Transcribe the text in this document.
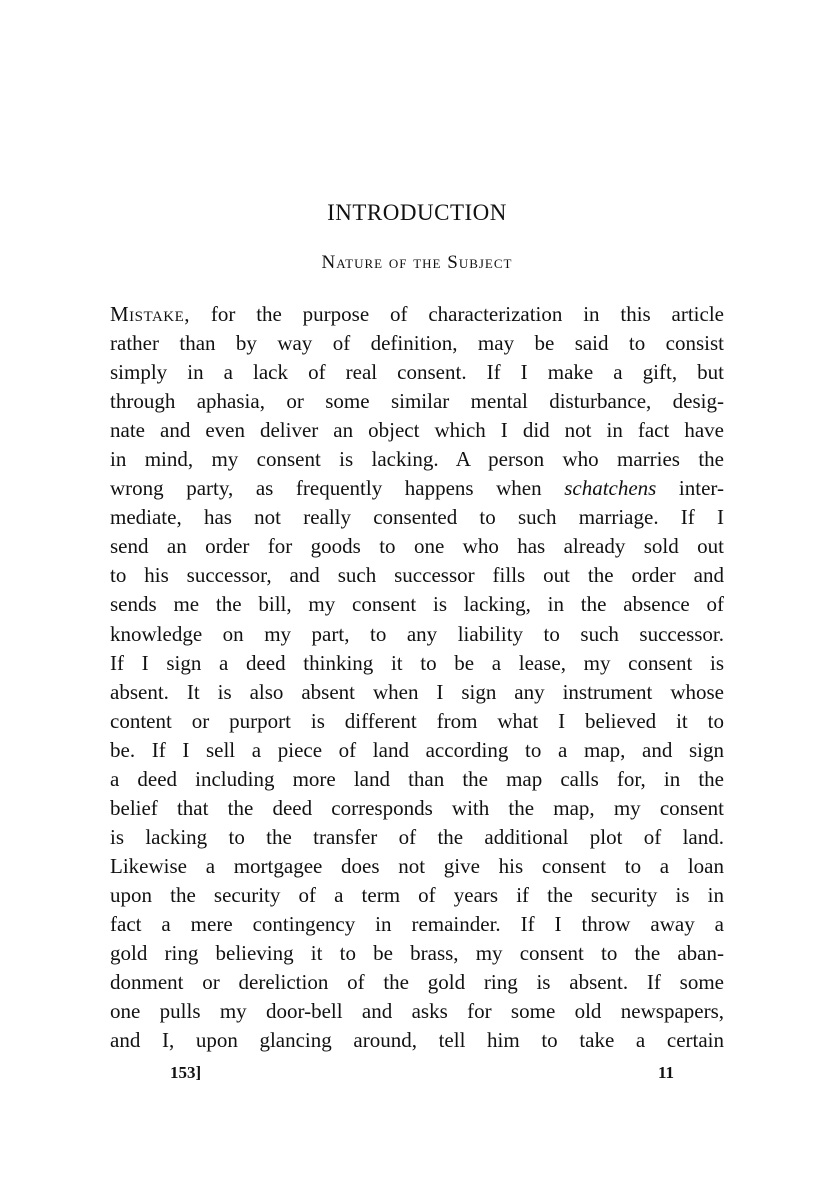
INTRODUCTION
Nature of the Subject
Mistake, for the purpose of characterization in this article
rather than by way of definition, may be said to consist
simply in a lack of real consent. If I make a gift, but
through aphasia, or some similar mental disturbance, desig-
nate and even deliver an object which I did not in fact have
in mind, my consent is lacking. A person who marries the
wrong party, as frequently happens when schatchens inter-
mediate, has not really consented to such marriage. If I
send an order for goods to one who has already sold out
to his successor, and such successor fills out the order and
sends me the bill, my consent is lacking, in the absence of
knowledge on my part, to any liability to such successor.
If I sign a deed thinking it to be a lease, my consent is
absent. It is also absent when I sign any instrument whose
content or purport is different from what I believed it to
be. If I sell a piece of land according to a map, and sign
a deed including more land than the map calls for, in the
belief that the deed corresponds with the map, my consent
is lacking to the transfer of the additional plot of land.
Likewise a mortgagee does not give his consent to a loan
upon the security of a term of years if the security is in
fact a mere contingency in remainder. If I throw away a
gold ring believing it to be brass, my consent to the aban-
donment or dereliction of the gold ring is absent. If some
one pulls my door-bell and asks for some old newspapers,
and I, upon glancing around, tell him to take a certain
153]	11
